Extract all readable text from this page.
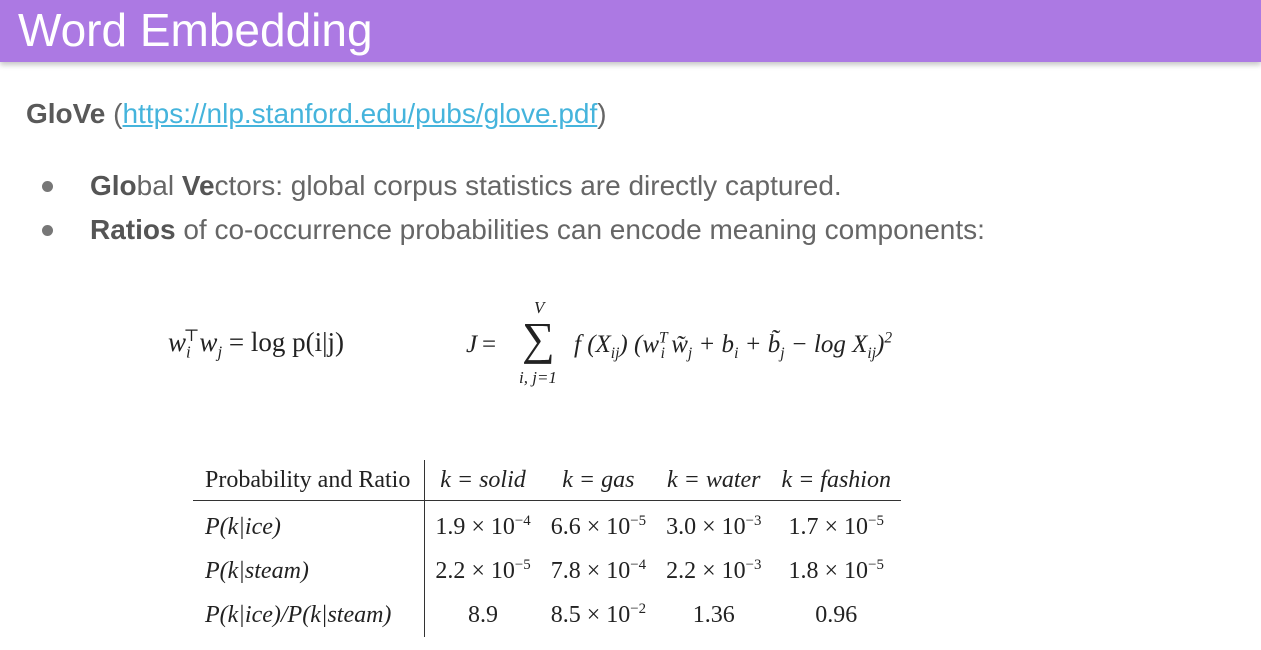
Word Embedding
GloVe (https://nlp.stanford.edu/pubs/glove.pdf)
Global Vectors: global corpus statistics are directly captured.
Ratios of co-occurrence probabilities can encode meaning components:
$w_i^⊤w_j = \log p(i|j)$	J =
V
∑
i, j=1
f $(X_{ij})$ ($w^T_i$ $w̃_j + b_i$ + $b̃_j - \log X_{ij})^2$
Probability and Ratio	k = solid	k = gas	k = water	k = fashion
P(k|ice)	$1.9 \times 10^{-4}$	$6.6 \times 10^{-5}$	$3.0 \times 10^{-3}$	$1.7 \times 10^{-5}$
P(k|steam)	$2.2 \times 10^{-5}$	$7.8 \times 10^{-4}$	$2.2 \times 10^{-3}$	$1.8 \times 10^{-5}$
P(k|ice)/P(k|steam)	8.9	$8.5 \times 10^{-2}$	1.36	0.96
